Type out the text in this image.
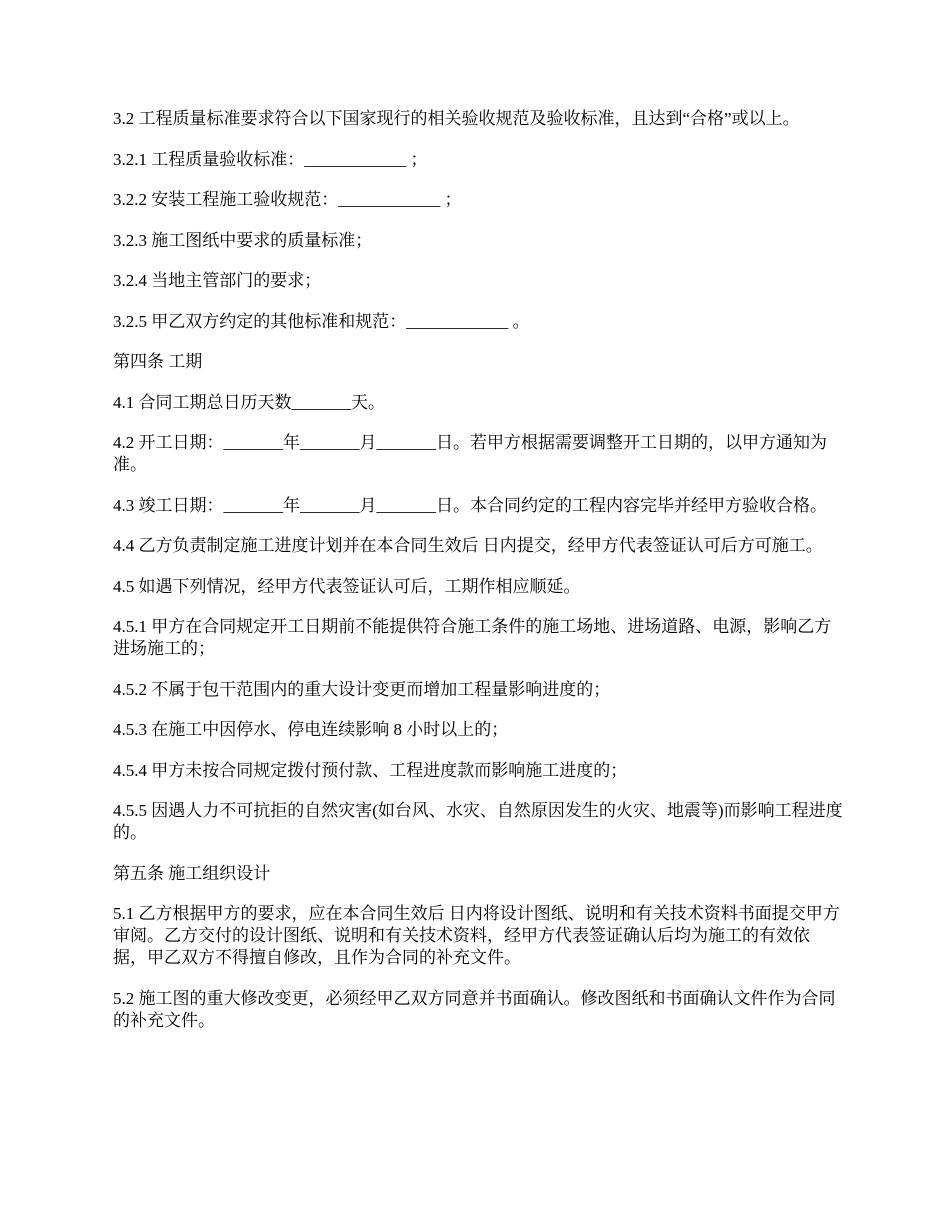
3.2 工程质量标准要求符合以下国家现行的相关验收规范及验收标准，且达到“合格”或以上。

3.2.1 工程质量验收标准：____________ ；

3.2.2 安装工程施工验收规范：____________ ；

3.2.3 施工图纸中要求的质量标准；

3.2.4 当地主管部门的要求；

3.2.5 甲乙双方约定的其他标准和规范：____________ 。

第四条 工期

4.1 合同工期总日历天数_______天。

4.2 开工日期：_______年_______月_______日。若甲方根据需要调整开工日期的，以甲方通知为准。

4.3 竣工日期：_______年_______月_______日。本合同约定的工程内容完毕并经甲方验收合格。

4.4 乙方负责制定施工进度计划并在本合同生效后 日内提交，经甲方代表签证认可后方可施工。

4.5 如遇下列情况，经甲方代表签证认可后，工期作相应顺延。

4.5.1 甲方在合同规定开工日期前不能提供符合施工条件的施工场地、进场道路、电源，影响乙方进场施工的；

4.5.2 不属于包干范围内的重大设计变更而增加工程量影响进度的；

4.5.3 在施工中因停水、停电连续影响 8 小时以上的；

4.5.4 甲方未按合同规定拨付预付款、工程进度款而影响施工进度的；

4.5.5 因遇人力不可抗拒的自然灾害(如台风、水灾、自然原因发生的火灾、地震等)而影响工程进度的。

第五条 施工组织设计

5.1 乙方根据甲方的要求，应在本合同生效后 日内将设计图纸、说明和有关技术资料书面提交甲方审阅。乙方交付的设计图纸、说明和有关技术资料，经甲方代表签证确认后均为施工的有效依据，甲乙双方不得擅自修改，且作为合同的补充文件。

5.2 施工图的重大修改变更，必须经甲乙双方同意并书面确认。修改图纸和书面确认文件作为合同的补充文件。
